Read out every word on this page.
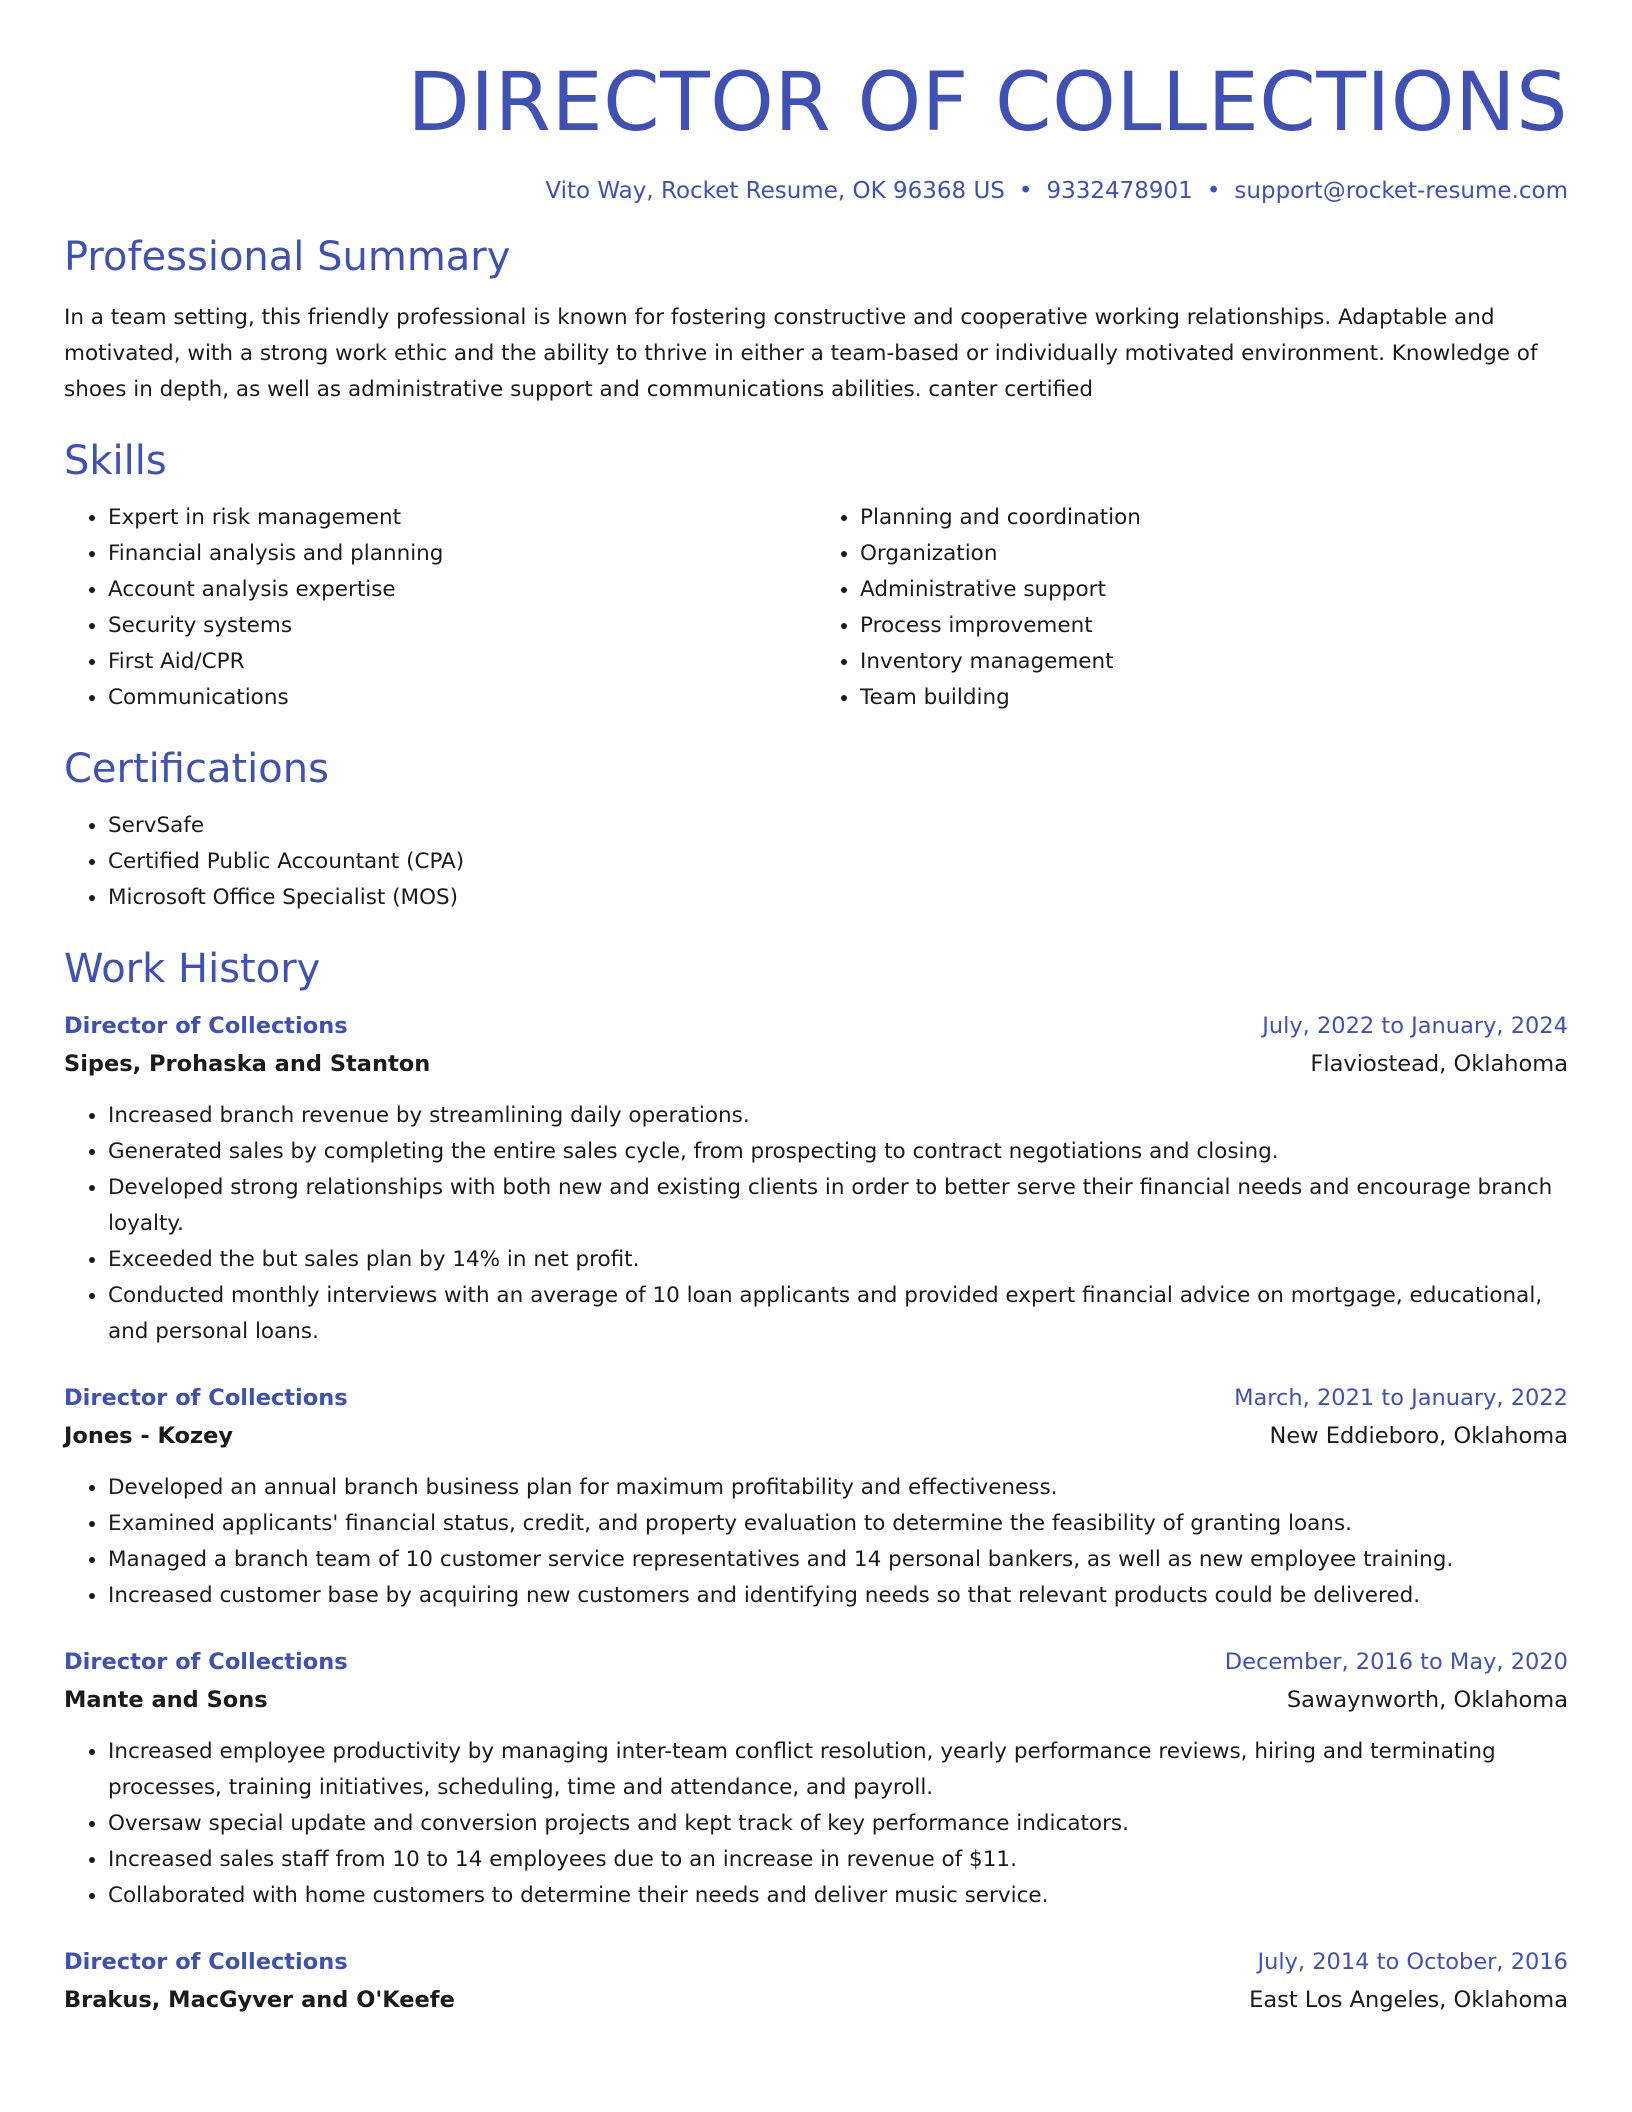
DIRECTOR OF COLLECTIONS
Vito Way, Rocket Resume, OK 96368 US • 9332478901 • support@rocket-resume.com
Professional Summary

In a team setting, this friendly professional is known for fostering constructive and cooperative working relationships. Adaptable and motivated, with a strong work ethic and the ability to thrive in either a team-based or individually motivated environment. Knowledge of shoes in depth, as well as administrative support and communications abilities. canter certified

Skills
• Expert in risk management
• Financial analysis and planning
• Account analysis expertise
• Security systems
• First Aid/CPR
• Communications
• Planning and coordination
• Organization
• Administrative support
• Process improvement
• Inventory management
• Team building
Certifications
• ServSafe
• Certified Public Accountant (CPA)
• Microsoft Office Specialist (MOS)
Work History
Director of Collections	July, 2022 to January, 2024
Sipes, Prohaska and Stanton	Flaviostead, Oklahoma
• Increased branch revenue by streamlining daily operations.
• Generated sales by completing the entire sales cycle, from prospecting to contract negotiations and closing.
• Developed strong relationships with both new and existing clients in order to better serve their financial needs and encourage branch loyalty.
• Exceeded the but sales plan by 14% in net profit.
• Conducted monthly interviews with an average of 10 loan applicants and provided expert financial advice on mortgage, educational, and personal loans.
Director of Collections	March, 2021 to January, 2022
Jones - Kozey	New Eddieboro, Oklahoma
• Developed an annual branch business plan for maximum profitability and effectiveness.
• Examined applicants' financial status, credit, and property evaluation to determine the feasibility of granting loans.
• Managed a branch team of 10 customer service representatives and 14 personal bankers, as well as new employee training.
• Increased customer base by acquiring new customers and identifying needs so that relevant products could be delivered.
Director of Collections	December, 2016 to May, 2020
Mante and Sons	Sawaynworth, Oklahoma
• Increased employee productivity by managing inter-team conflict resolution, yearly performance reviews, hiring and terminating processes, training initiatives, scheduling, time and attendance, and payroll.
• Oversaw special update and conversion projects and kept track of key performance indicators.
• Increased sales staff from 10 to 14 employees due to an increase in revenue of $11.
• Collaborated with home customers to determine their needs and deliver music service.
Director of Collections	July, 2014 to October, 2016
Brakus, MacGyver and O'Keefe	East Los Angeles, Oklahoma
